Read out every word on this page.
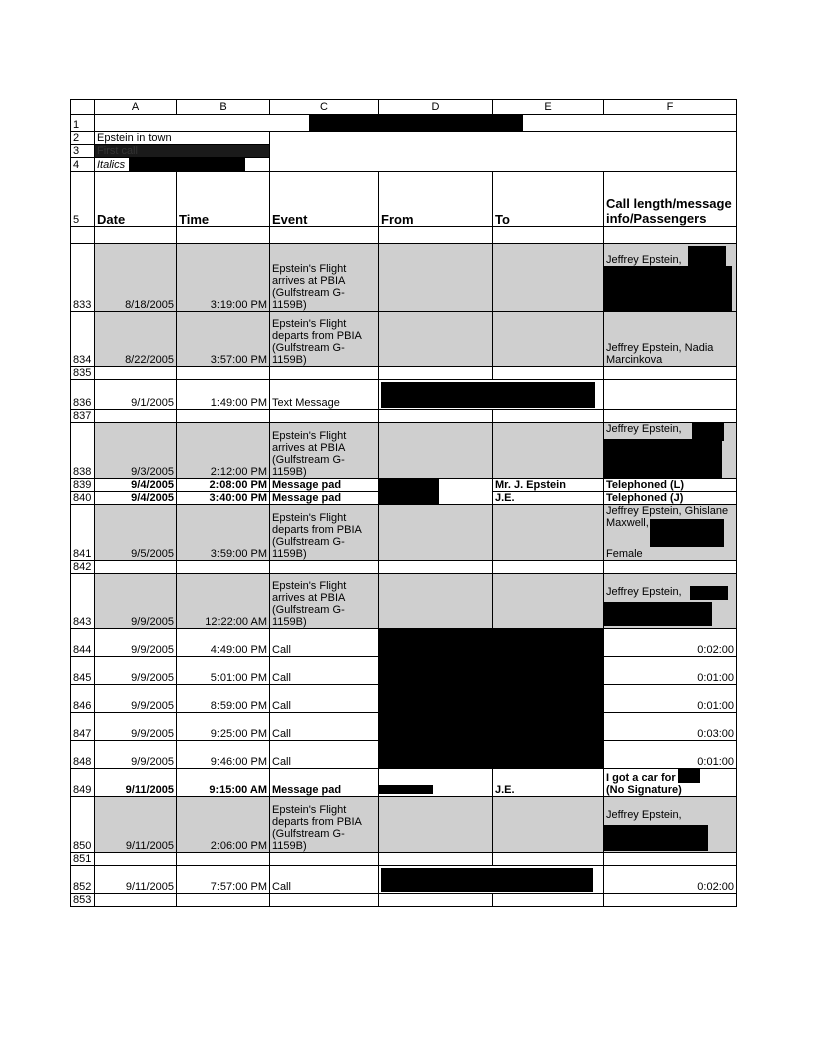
	A	B	C	D	E	F
1						

2	Epstein in town					
3	First call					
4	Italics					

5	Date	Time	Event	From	To	Call length/message info/Passengers

833	8/18/2005	3:19:00 PM	Epstein's Flight arrives at PBIA (Gulfstream G-1159B)			Jeffrey Epstein,

834	8/22/2005	3:57:00 PM	Epstein's Flight departs from PBIA (Gulfstream G-1159B)			Jeffrey Epstein, Nadia Marcinkova
835						
836	9/1/2005	1:49:00 PM	Text Message		

837						
838	9/3/2005	2:12:00 PM	Epstein's Flight arrives at PBIA (Gulfstream G-1159B)			Jeffrey Epstein,

839	9/4/2005	2:08:00 PM	Message pad		Mr. J. Epstein	Telephoned (L)
840	9/4/2005	3:40:00 PM	Message pad		J.E.	Telephoned (J)
841	9/5/2005	3:59:00 PM	Epstein's Flight departs from PBIA (Gulfstream G-1159B)			Jeffrey Epstein, Ghislane Maxwell,
Female

842						
843	9/9/2005	12:22:00 AM	Epstein's Flight arrives at PBIA (Gulfstream G-1159B)			Jeffrey Epstein,

844	9/9/2005	4:49:00 PM	Call			0:02:00
845	9/9/2005	5:01:00 PM	Call			0:01:00
846	9/9/2005	8:59:00 PM	Call			0:01:00
847	9/9/2005	9:25:00 PM	Call			0:03:00
848	9/9/2005	9:46:00 PM	Call			0:01:00
849	9/11/2005	9:15:00 AM	Message pad		J.E.	I got a car for
(No Signature)

850	9/11/2005	2:06:00 PM	Epstein's Flight departs from PBIA (Gulfstream G-1159B)			Jeffrey Epstein,

851						
852	9/11/2005	7:57:00 PM	Call			0:02:00
853						
